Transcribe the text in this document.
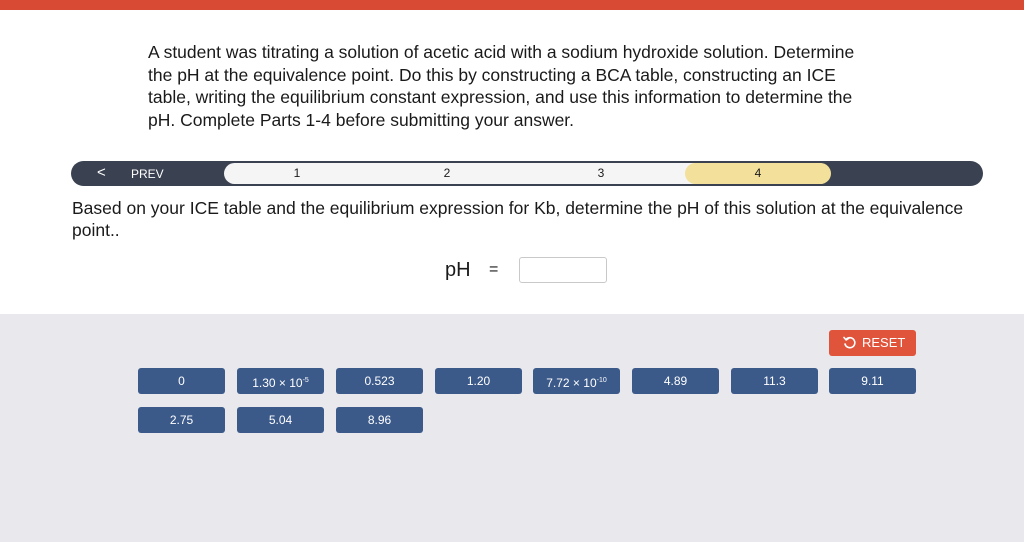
A student was titrating a solution of acetic acid with a sodium hydroxide solution. Determine the pH at the equivalence point. Do this by constructing a BCA table, constructing an ICE table, writing the equilibrium constant expression, and use this information to determine the pH. Complete Parts 1-4 before submitting your answer.

< PREV	1	2	3	4

Based on your ICE table and the equilibrium expression for Kb, determine the pH of this solution at the equivalence point..

pH =
RESET
0	$1.30 \times 10^{-5}$	0.523	1.20	$7.72 \times 10^{-10}$	4.89	11.3	9.11
2.75	5.04	8.96
